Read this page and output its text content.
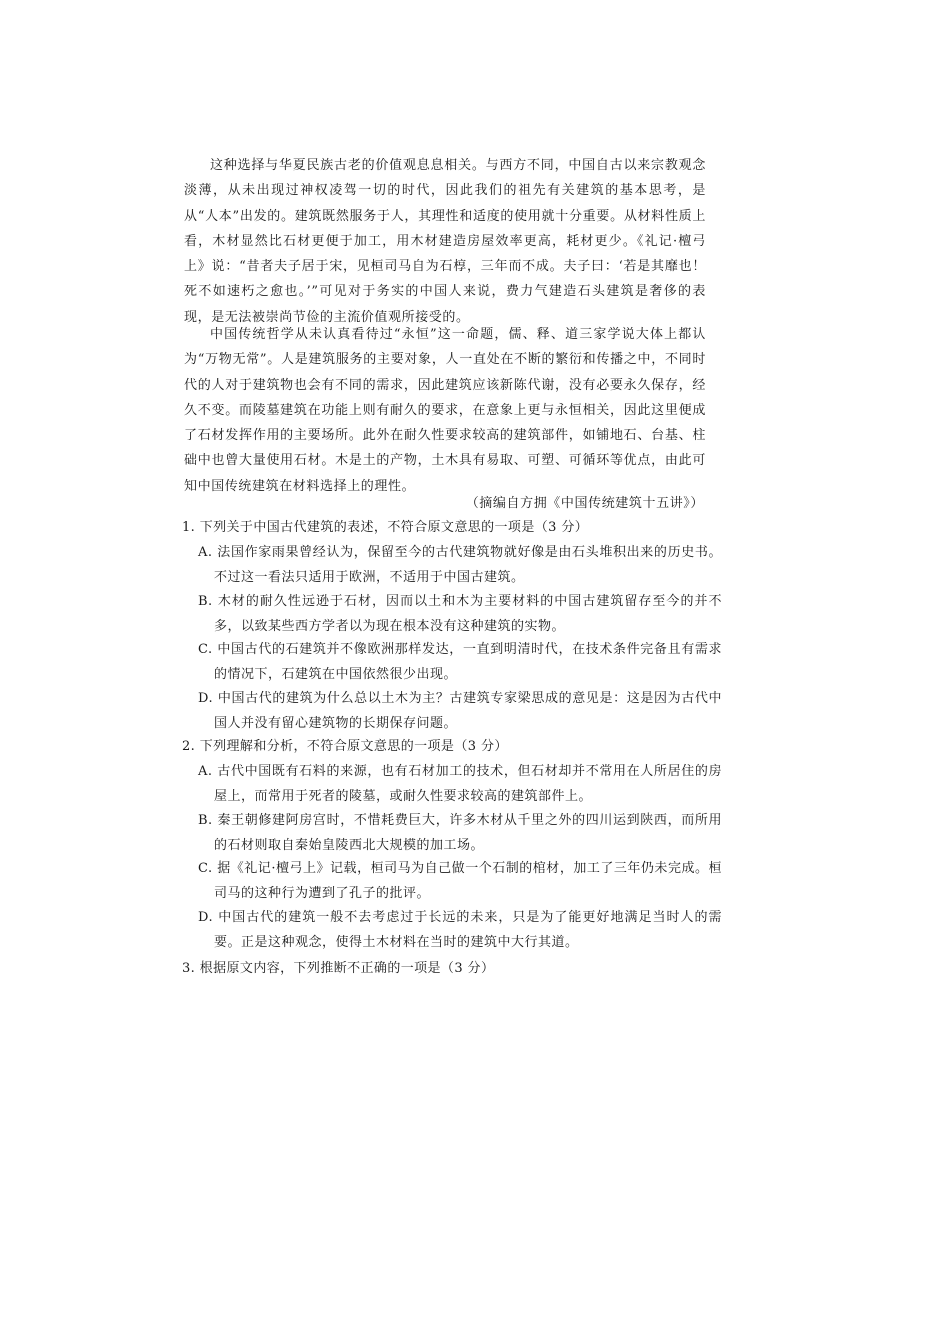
这种选择与华夏民族古老的价值观息息相关。与西方不同，中国自古以来宗教观念淡薄，从未出现过神权凌驾一切的时代，因此我们的祖先有关建筑的基本思考，是从“人本”出发的。建筑既然服务于人，其理性和适度的使用就十分重要。从材料性质上看，木材显然比石材更便于加工，用木材建造房屋效率更高，耗材更少。《礼记·檀弓上》说：“昔者夫子居于宋，见桓司马自为石椁，三年而不成。夫子曰：‘若是其靡也！死不如速朽之愈也。’”可见对于务实的中国人来说，费力气建造石头建筑是奢侈的表现，是无法被崇尚节俭的主流价值观所接受的。

中国传统哲学从未认真看待过“永恒”这一命题，儒、释、道三家学说大体上都认为“万物无常”。人是建筑服务的主要对象，人一直处在不断的繁衍和传播之中，不同时代的人对于建筑物也会有不同的需求，因此建筑应该新陈代谢，没有必要永久保存，经久不变。而陵墓建筑在功能上则有耐久的要求，在意象上更与永恒相关，因此这里便成了石材发挥作用的主要场所。此外在耐久性要求较高的建筑部件，如铺地石、台基、柱础中也曾大量使用石材。木是土的产物，土木具有易取、可塑、可循环等优点，由此可知中国传统建筑在材料选择上的理性。

（摘编自方拥《中国传统建筑十五讲》）

1. 下列关于中国古代建筑的表述，不符合原文意思的一项是（3 分）

A. 法国作家雨果曾经认为，保留至今的古代建筑物就好像是由石头堆积出来的历史书。不过这一看法只适用于欧洲，不适用于中国古建筑。

B. 木材的耐久性远逊于石材，因而以土和木为主要材料的中国古建筑留存至今的并不多，以致某些西方学者以为现在根本没有这种建筑的实物。

C. 中国古代的石建筑并不像欧洲那样发达，一直到明清时代，在技术条件完备且有需求的情况下，石建筑在中国依然很少出现。

D. 中国古代的建筑为什么总以土木为主？古建筑专家梁思成的意见是：这是因为古代中国人并没有留心建筑物的长期保存问题。

2. 下列理解和分析，不符合原文意思的一项是（3 分）

A. 古代中国既有石料的来源，也有石材加工的技术，但石材却并不常用在人所居住的房屋上，而常用于死者的陵墓，或耐久性要求较高的建筑部件上。

B. 秦王朝修建阿房宫时，不惜耗费巨大，许多木材从千里之外的四川运到陕西，而所用的石材则取自秦始皇陵西北大规模的加工场。

C. 据《礼记·檀弓上》记载，桓司马为自己做一个石制的棺材，加工了三年仍未完成。桓司马的这种行为遭到了孔子的批评。

D. 中国古代的建筑一般不去考虑过于长远的未来，只是为了能更好地满足当时人的需要。正是这种观念，使得土木材料在当时的建筑中大行其道。

3. 根据原文内容，下列推断不正确的一项是（3 分）
